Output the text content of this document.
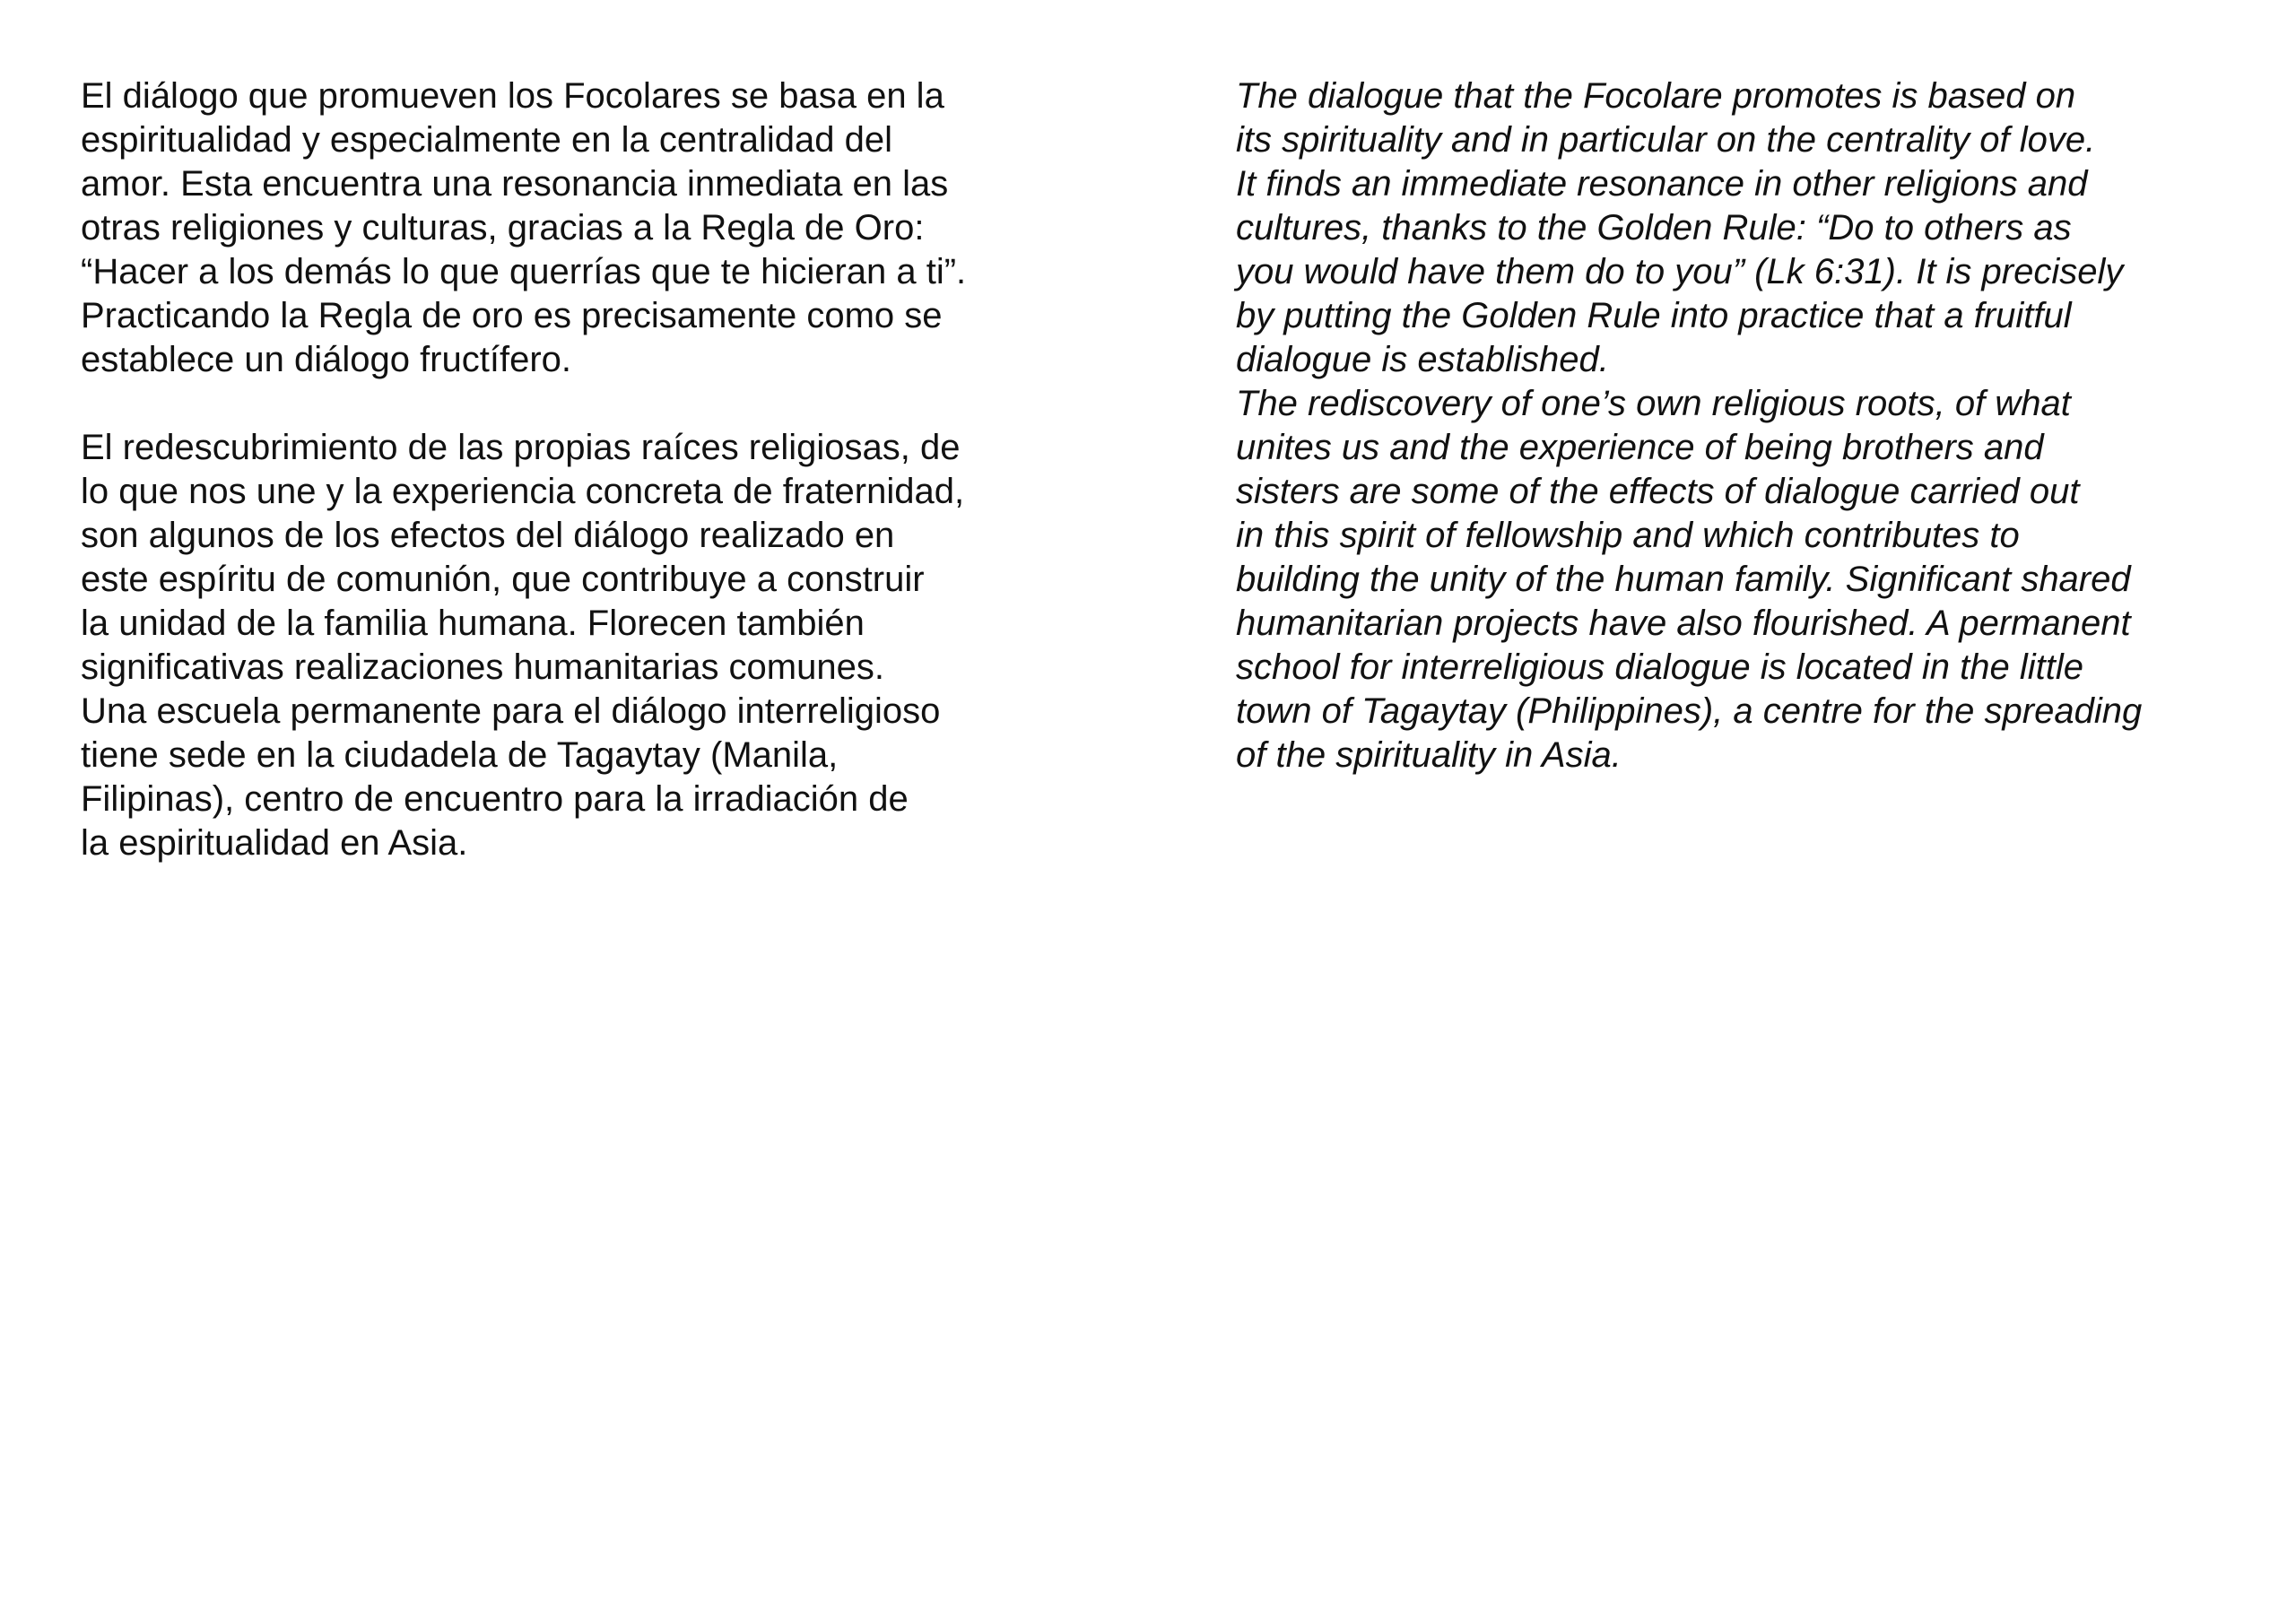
El diálogo que promueven los Focolares se basa en la
espiritualidad y especialmente en la centralidad del
amor. Esta encuentra una resonancia inmediata en las
otras religiones y culturas, gracias a la Regla de Oro:
“Hacer a los demás lo que querrías que te hicieran a ti”.
Practicando la Regla de oro es precisamente como se
establece un diálogo fructífero.
El redescubrimiento de las propias raíces religiosas, de
lo que nos une y la experiencia concreta de fraternidad,
son algunos de los efectos del diálogo realizado en
este espíritu de comunión, que contribuye a construir
la unidad de la familia humana. Florecen también
significativas realizaciones humanitarias comunes.
Una escuela permanente para el diálogo interreligioso
tiene sede en la ciudadela de Tagaytay (Manila,
Filipinas), centro de encuentro para la irradiación de
la espiritualidad en Asia.
The dialogue that the Focolare promotes is based on
its spirituality and in particular on the centrality of love.
It finds an immediate resonance in other religions and
cultures, thanks to the Golden Rule: “Do to others as
you would have them do to you” (Lk 6:31). It is precisely
by putting the Golden Rule into practice that a fruitful
dialogue is established.
The rediscovery of one’s own religious roots, of what
unites us and the experience of being brothers and
sisters are some of the effects of dialogue carried out
in this spirit of fellowship and which contributes to
building the unity of the human family. Significant shared
humanitarian projects have also flourished. A permanent
school for interreligious dialogue is located in the little
town of Tagaytay (Philippines), a centre for the spreading
of the spirituality in Asia.
